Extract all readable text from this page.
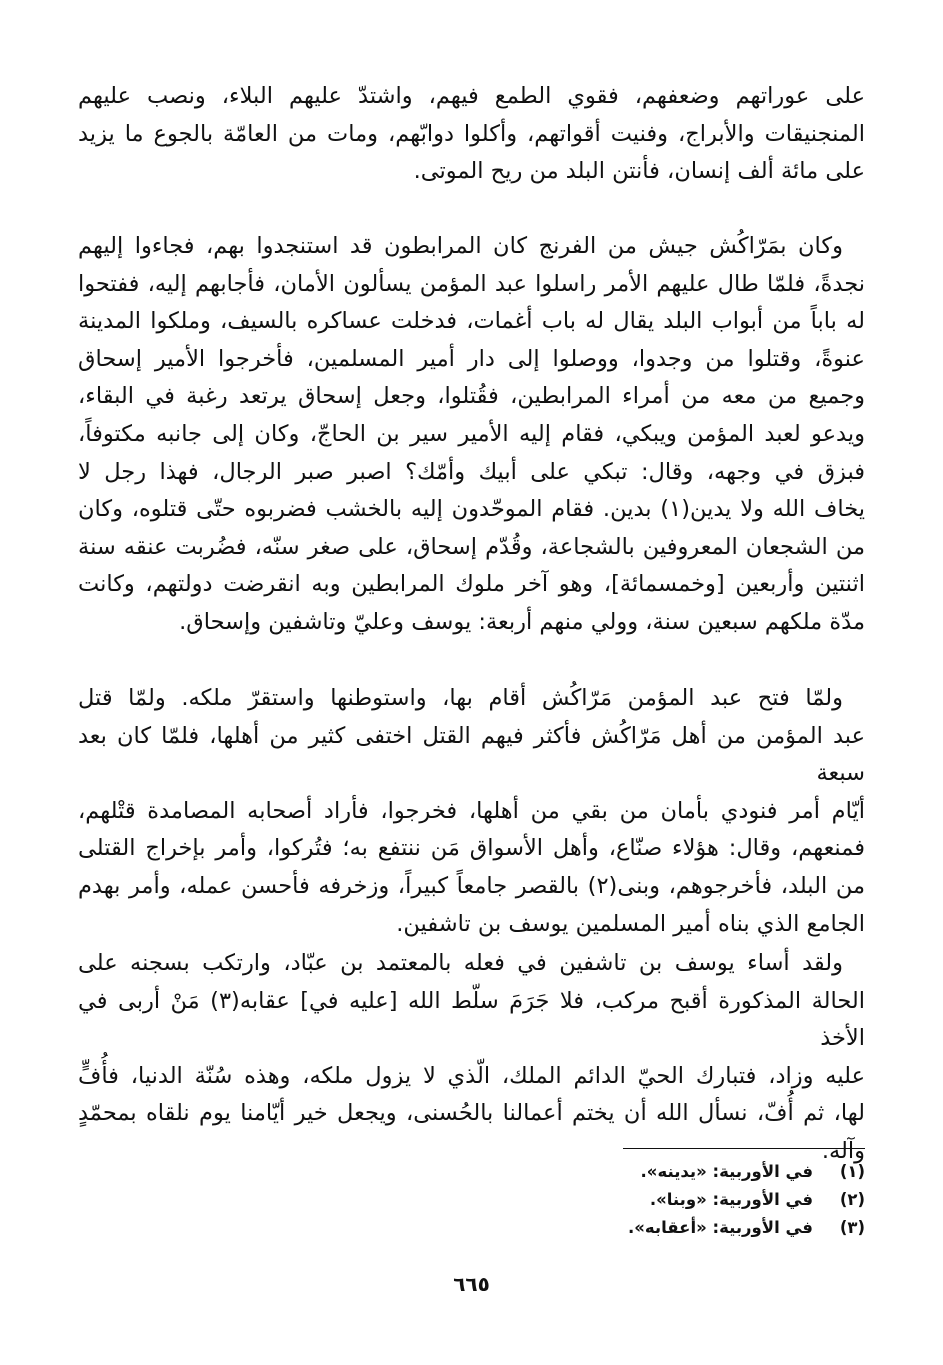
على عوراتهم وضعفهم، فقوي الطمع فيهم، واشتدّ عليهم البلاء، ونصب عليهم

المنجنيقات والأبراج، وفنيت أقواتهم، وأكلوا دوابّهم، ومات من العامّة بالجوع ما يزيد

على مائة ألف إنسان، فأنتن البلد من ريح الموتى.

وكان بمَرّاكُش جيش من الفرنج كان المرابطون قد استنجدوا بهم، فجاءوا إليهم

نجدةً، فلمّا طال عليهم الأمر راسلوا عبد المؤمن يسألون الأمان، فأجابهم إليه، ففتحوا

له باباً من أبواب البلد يقال له باب أغمات، فدخلت عساكره بالسيف، وملكوا المدينة

عنوةً، وقتلوا من وجدوا، ووصلوا إلى دار أمير المسلمين، فأخرجوا الأمير إسحاق

وجميع من معه من أمراء المرابطين، فقُتلوا، وجعل إسحاق يرتعد رغبة في البقاء،

ويدعو لعبد المؤمن ويبكي، فقام إليه الأمير سير بن الحاجّ، وكان إلى جانبه مكتوفاً،

فبزق في وجهه، وقال: تبكي على أبيك وأمّك؟ اصبر صبر الرجال، فهذا رجل لا

يخاف الله ولا يدين(١) بدين. فقام الموحّدون إليه بالخشب فضربوه حتّى قتلوه، وكان

من الشجعان المعروفين بالشجاعة، وقُدّم إسحاق، على صغر سنّه، فضُربت عنقه سنة

اثنتين وأربعين [وخمسمائة]، وهو آخر ملوك المرابطين وبه انقرضت دولتهم، وكانت

مدّة ملكهم سبعين سنة، وولي منهم أربعة: يوسف وعليّ وتاشفين وإسحاق.

ولمّا فتح عبد المؤمن مَرّاكُش أقام بها، واستوطنها واستقرّ ملكه. ولمّا قتل

عبد المؤمن من أهل مَرّاكُش فأكثر فيهم القتل اختفى كثير من أهلها، فلمّا كان بعد سبعة

أيّام أمر فنودي بأمان من بقي من أهلها، فخرجوا، فأراد أصحابه المصامدة قتْلهم،

فمنعهم، وقال: هؤلاء صنّاع، وأهل الأسواق مَن ننتفع به؛ فتُركوا، وأمر بإخراج القتلى

من البلد، فأخرجوهم، وبنى(٢) بالقصر جامعاً كبيراً، وزخرفه فأحسن عمله، وأمر بهدم

الجامع الذي بناه أمير المسلمين يوسف بن تاشفين.

ولقد أساء يوسف بن تاشفين في فعله بالمعتمد بن عبّاد، وارتكب بسجنه على

الحالة المذكورة أقبح مركب، فلا جَرَمَ سلّط الله [عليه في] عقابه(٣) مَنْ أربى في الأخذ

عليه وزاد، فتبارك الحيّ الدائم الملك، الّذي لا يزول ملكه، وهذه سُنّة الدنيا، فأُفٍّ

لها، ثم أُفّ، نسأل الله أن يختم أعمالنا بالحُسنى، ويجعل خير أيّامنا يوم نلقاه بمحمّدٍ

وآله.

(١)
في الأوربية: «يدينه».

(٢)
في الأوربية: «وبنا».

(٣)
في الأوربية: «أعقابه».

٦٦٥
